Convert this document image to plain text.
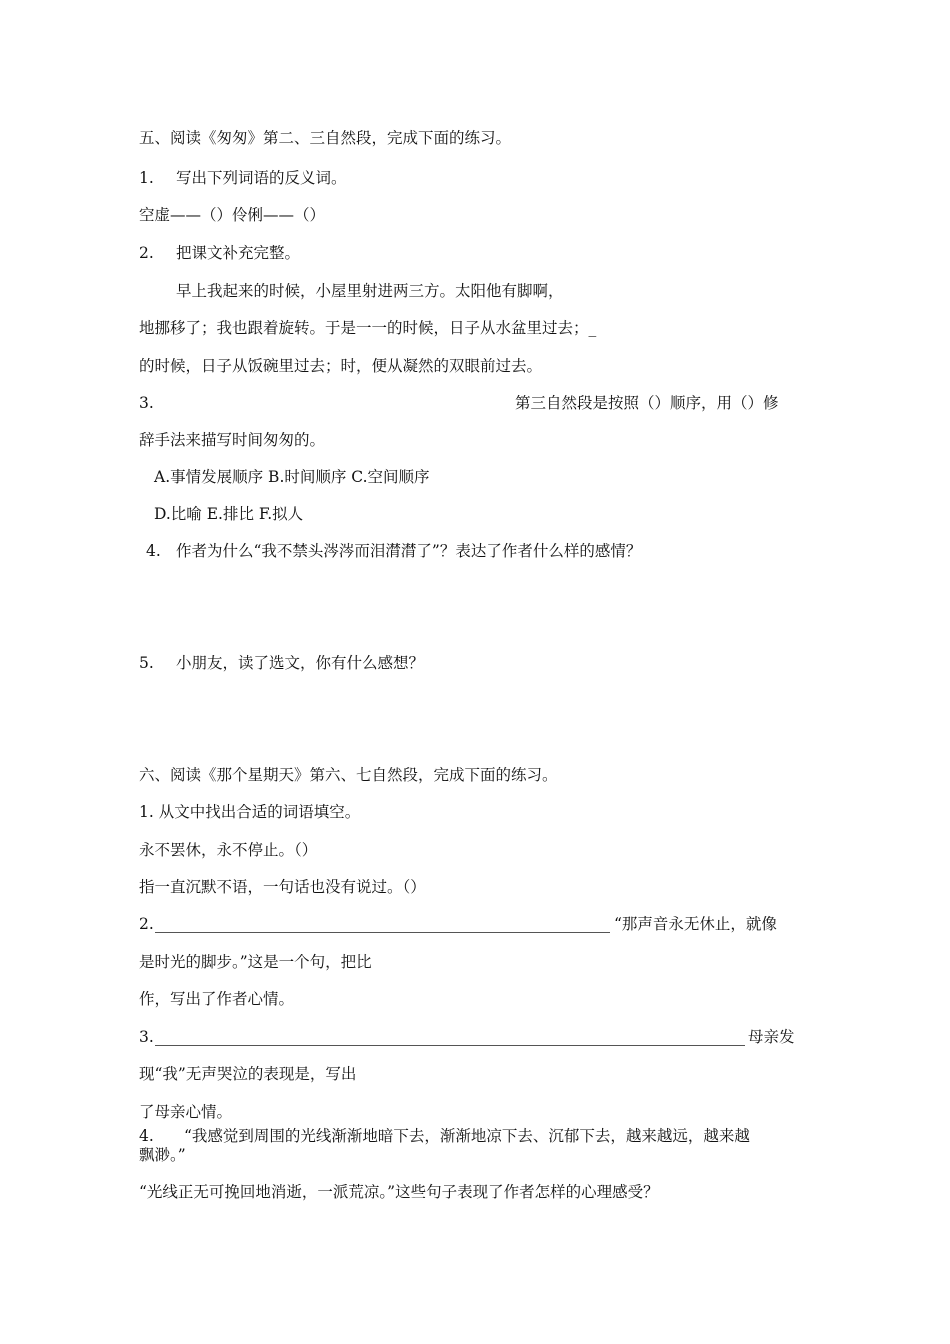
五、阅读《匆匆》第二、三自然段，完成下面的练习。
1. 写出下列词语的反义词。
空虚——（）伶俐——（）
2. 把课文补充完整。
早上我起来的时候，小屋里射进两三方。太阳他有脚啊，
地挪移了；我也跟着旋转。于是一一的时候，日子从水盆里过去；_
的时候，日子从饭碗里过去；时，便从凝然的双眼前过去。
3.	第三自然段是按照（）顺序，用（）修
辞手法来描写时间匆匆的。
A.事情发展顺序 B.时间顺序 C.空间顺序
D.比喻 E.排比 F.拟人
4. 作者为什么“我不禁头涔涔而泪潸潸了”？表达了作者什么样的感情？
5. 小朋友，读了选文，你有什么感想？
六、阅读《那个星期天》第六、七自然段，完成下面的练习。
1. 从文中找出合适的词语填空。
永不罢休，永不停止。（）
指一直沉默不语，一句话也没有说过。（）
2.	“那声音永无休止，就像
是时光的脚步。”这是一个句，把比
作，写出了作者心情。
3.	母亲发
现“我”无声哭泣的表现是，写出
了母亲心情。
4. “我感觉到周围的光线渐渐地暗下去，渐渐地凉下去、沉郁下去，越来越远，越来越
飘渺。”
“光线正无可挽回地消逝，一派荒凉。”这些句子表现了作者怎样的心理感受？
